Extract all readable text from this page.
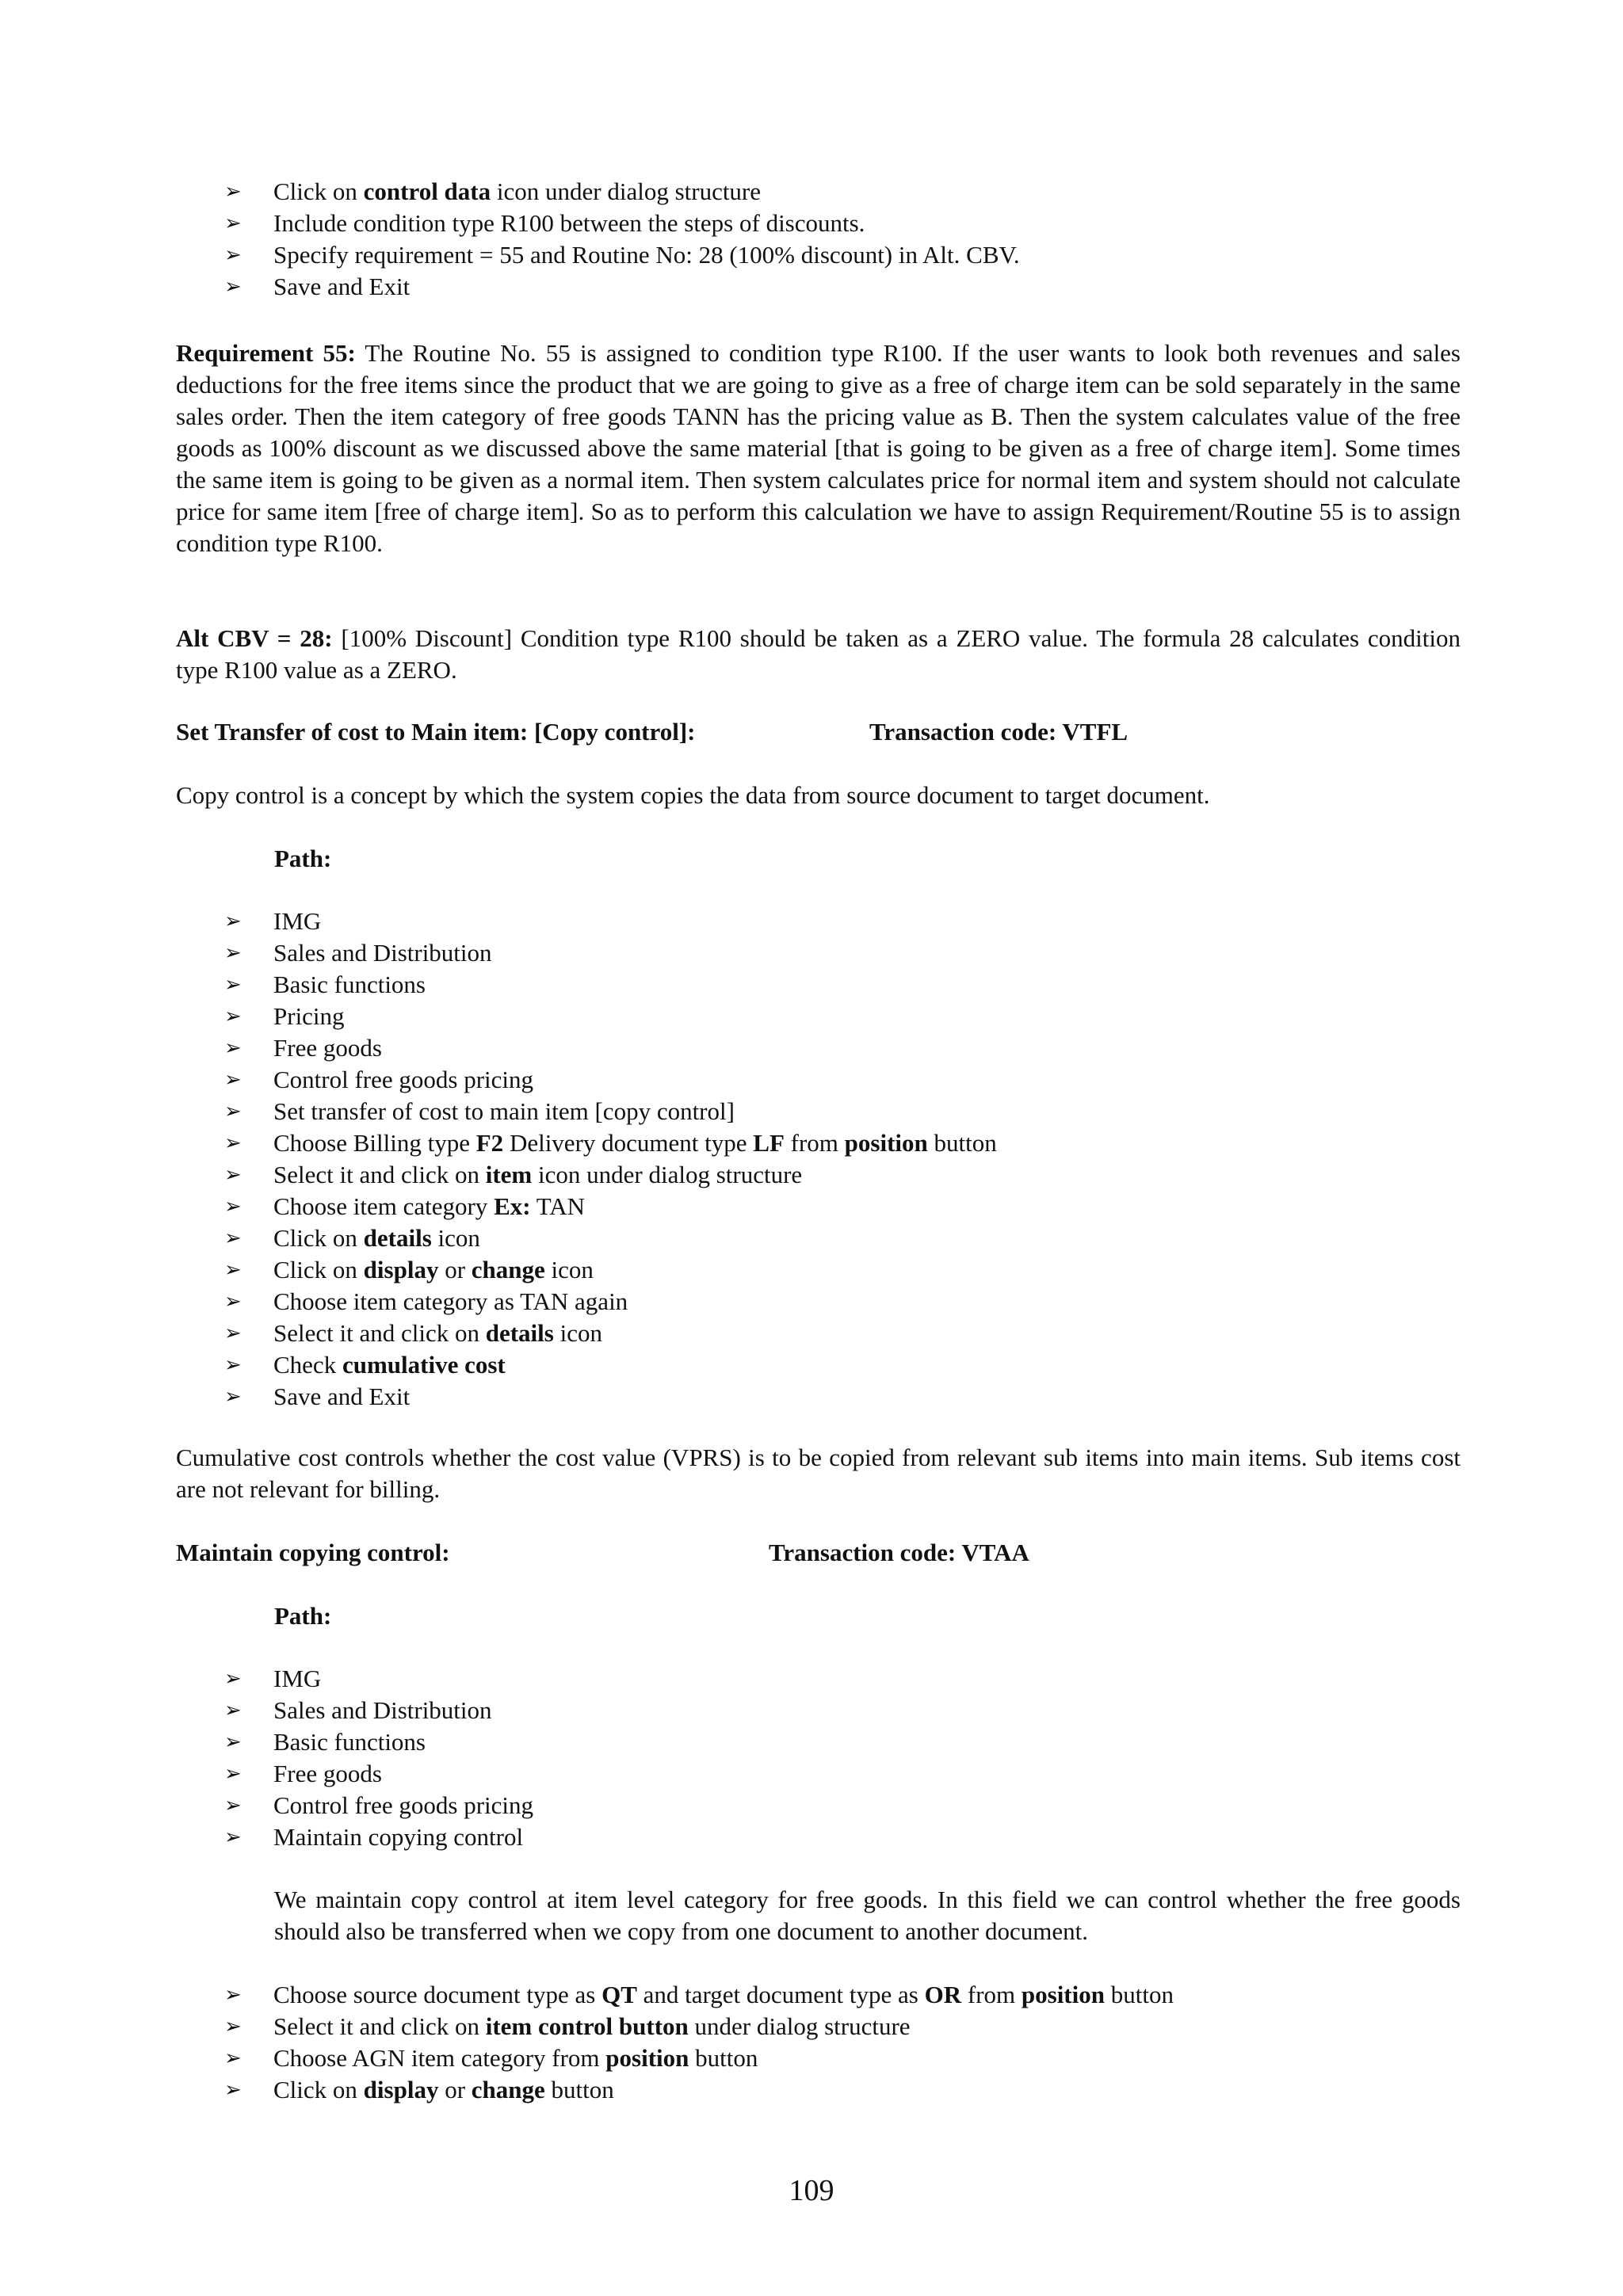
➢ Click on control data icon under dialog structure
➢ Include condition type R100 between the steps of discounts.
➢ Specify requirement = 55 and Routine No: 28 (100% discount) in Alt. CBV.
➢ Save and Exit

Requirement 55: The Routine No. 55 is assigned to condition type R100. If the user wants to look both revenues and sales deductions for the free items since the product that we are going to give as a free of charge item can be sold separately in the same sales order. Then the item category of free goods TANN has the pricing value as B. Then the system calculates value of the free goods as 100% discount as we discussed above the same material [that is going to be given as a free of charge item]. Some times the same item is going to be given as a normal item. Then system calculates price for normal item and system should not calculate price for same item [free of charge item]. So as to perform this calculation we have to assign Requirement/Routine 55 is to assign condition type R100.

Alt CBV = 28: [100% Discount] Condition type R100 should be taken as a ZERO value. The formula 28 calculates condition type R100 value as a ZERO.

Set Transfer of cost to Main item: [Copy control]:	Transaction code: VTFL

Copy control is a concept by which the system copies the data from source document to target document.

Path:
➢ IMG
➢ Sales and Distribution
➢ Basic functions
➢ Pricing
➢ Free goods
➢ Control free goods pricing
➢ Set transfer of cost to main item [copy control]
➢ Choose Billing type F2 Delivery document type LF from position button
➢ Select it and click on item icon under dialog structure
➢ Choose item category Ex: TAN
➢ Click on details icon
➢ Click on display or change icon
➢ Choose item category as TAN again
➢ Select it and click on details icon
➢ Check cumulative cost
➢ Save and Exit

Cumulative cost controls whether the cost value (VPRS) is to be copied from relevant sub items into main items. Sub items cost are not relevant for billing.

Maintain copying control:	Transaction code: VTAA
Path:
➢ IMG
➢ Sales and Distribution
➢ Basic functions
➢ Free goods
➢ Control free goods pricing
➢ Maintain copying control

We maintain copy control at item level category for free goods. In this field we can control whether the free goods should also be transferred when we copy from one document to another document.

➢ Choose source document type as QT and target document type as OR from position button
➢ Select it and click on item control button under dialog structure
➢ Choose AGN item category from position button
➢ Click on display or change button
109
